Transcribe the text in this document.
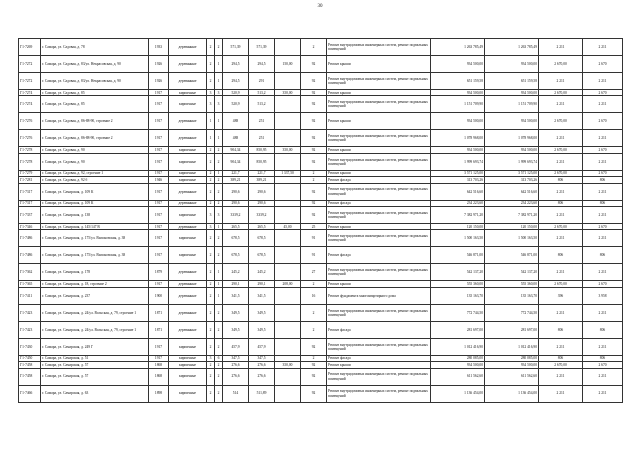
30
Г1-7269	г. Самара, ул. Садовая, д. 78	1933	деревянные	2	2	571,39	571,39		2	Ремонт внутридомовых инженерных систем, ремонт подвальных помещений	1 263 785,49	1 263 785,49	2 211	2 211
Г1-7272	г. Самара, ул. Садовая, д. 83/ул. Некрасовская, д. 90	1926	деревянные	2	1	294,5	294,5	150,00	92	Ремонт крыши	934 500,00	934 500,00	2 670,00	2 670
Г1-7272	г. Самара, ул. Садовая, д. 83/ул. Некрасовская, д. 90	1926	деревянные	2	1	294,5	291		92	Ремонт внутридомовых инженерных систем, ремонт подвальных помещений	651 159,58	651 159,58	2 211	2 211
Г1-7274	г. Самара, ул. Садовая, д. 85	1917	кирпичные	3	3	520,9	513,2	350,00	92	Ремонт крыши	934 500,00	934 500,00	2 670,00	2 670
Г1-7274	г. Самара, ул. Садовая, д. 85	1917	кирпичные	3	3	520,9	513,2		92	Ремонт внутридомовых инженерных систем, ремонт подвальных помещений	1 151 709,90	1 151 709,90	2 211	2 211
Г1-7276	г. Самара, ул. Садовая, д. 86-88-90, строение 2	1917	деревянные	1	1	488	251		92	Ремонт крыши	934 500,00	934 500,00	2 670,00	2 670
Г1-7276	г. Самара, ул. Садовая, д. 86-88-90, строение 2	1917	деревянные	1	1	488	251		92	Ремонт внутридомовых инженерных систем, ремонт подвальных помещений	1 078 968,00	1 078 968,00	2 211	2 211
Г1-7278	г. Самара, ул. Садовая, д. 90	1917	кирпичные	2	2	904,34	850,95	350,00	92	Ремонт крыши	934 500,00	934 500,00	2 670,00	2 670
Г1-7278	г. Самара, ул. Садовая, д. 90	1917	кирпичные	2	2	904,34	850,95		92	Ремонт внутридомовых инженерных систем, ремонт подвальных помещений	1 999 693,74	1 999 693,74	2 211	2 211
Г1-7279	г. Самара, ул. Садовая, д. 92, строение 1	1917	кирпичные	2	1	221,7	221,7	1 337,50	2	Ремонт крыши	3 571 125,00	3 571 125,00	2 670,00	2 670
Г1-7281	г. Самара, ул. Садовая, д. 92 б	1946	кирпичные	2	2	389,21	389,21		2	Ремонт фасада	313 703,26	313 703,26	806	806
Г1-7317	г. Самара, ул. Самарская, д. 109 К	1917	деревянные	2	2	290,6	290,6		92	Ремонт внутридомовых инженерных систем, ремонт подвальных помещений	642 516,60	642 516,60	2 211	2 211
Г1-7317	г. Самара, ул. Самарская, д. 109 К	1917	деревянные	2	2	290,6	290,6		92	Ремонт фасада	234 223,60	234 223,60	806	806
Г1-7337	г. Самара, ул. Самарская, д. 138	1917	кирпичные	3	3	3339,2	3339,2		92	Ремонт внутридомовых инженерных систем, ремонт подвальных помещений	7 382 971,20	7 382 971,20	2 211	2 211
Г1-7346	г. Самара, ул. Самарская, д. 145/147 В	1917	деревянные	3	1	265,5	265,5	45,00	25	Ремонт крыши	120 150,00	120 150,00	2 670,00	2 670
Г1-7486	г. Самара, ул. Самарская, д. 175/ул. Вилоновская, д. 38	1917	кирпичные	2	2	678,5	678,5		91	Ремонт внутридомовых инженерных систем, ремонт подвальных помещений	1 500 163,50	1 500 163,50	2 211	2 211
Г1-7486	г. Самара, ул. Самарская, д. 175/ул. Вилоновская, д. 38	1917	кирпичные	2	2	678,5	678,5		91	Ремонт фасада	546 871,00	546 871,00	806	806
Г1-7362	г. Самара, ул. Самарская, д. 178	1879	деревянные	2	1	245,2	245,2		27	Ремонт внутридомовых инженерных систем, ремонт подвальных помещений	542 137,20	542 137,20	2 211	2 211
Г1-7365	г. Самара, ул. Самарская, д. 18, строение 2	1917	деревянные	2	1	290,1	290,1	208,00	2	Ремонт крыши	555 360,00	555 360,00	2 670,00	2 670
Г1-7411	г. Самара, ул. Самарская, д. 237	1900	деревянные	2	1	341,5	341,5		16	Ремонт фундамента многоквартирного дома	135 163,70	135 163,70	396	3 958
Г1-7423	г. Самара, ул. Самарская, д. 24/ул. Вольская, д. 79, строение 1	1871	деревянные	2	2	349,5	349,5		2	Ремонт внутридомовых инженерных систем, ремонт подвальных помещений	772 744,50	772 744,50	2 211	2 211
Г1-7423	г. Самара, ул. Самарская, д. 24/ул. Вольская, д. 79, строение 1	1871	деревянные	2	2	349,5	349,5		2	Ремонт фасада	281 697,00	281 697,00	806	806
Г1-7430	г. Самара, ул. Самарская, д. 249 Г	1917	кирпичные	2	2	457,9	457,9		92	Ремонт внутридомовых инженерных систем, ремонт подвальных помещений	1 012 416,90	1 012 416,90	2 211	2 211
Г1-7450	г. Самара, ул. Самарская, д. 51	1917	кирпичные	3	6	347,5	347,5		2	Ремонт фасада	280 085,00	280 085,00	806	806
Г1-7458	г. Самара, ул. Самарская, д. 57	1868	кирпичные	2	2	276,6	276,6	350,00	92	Ремонт крыши	934 500,00	934 500,00	2 670,00	2 670
Г1-7458	г. Самара, ул. Самарская, д. 57	1868	кирпичные	2	2	276,6	276,6		92	Ремонт внутридомовых инженерных систем, ремонт подвальных помещений	611 562,60	611 562,60	2 211	2 211
Г1-7466	г. Самара, ул. Самарская, д. 63	1898	кирпичные	2	2	514	511,89		92	Ремонт внутридомовых инженерных систем, ремонт подвальных помещений	1 136 454,00	1 136 454,00	2 211	2 211
